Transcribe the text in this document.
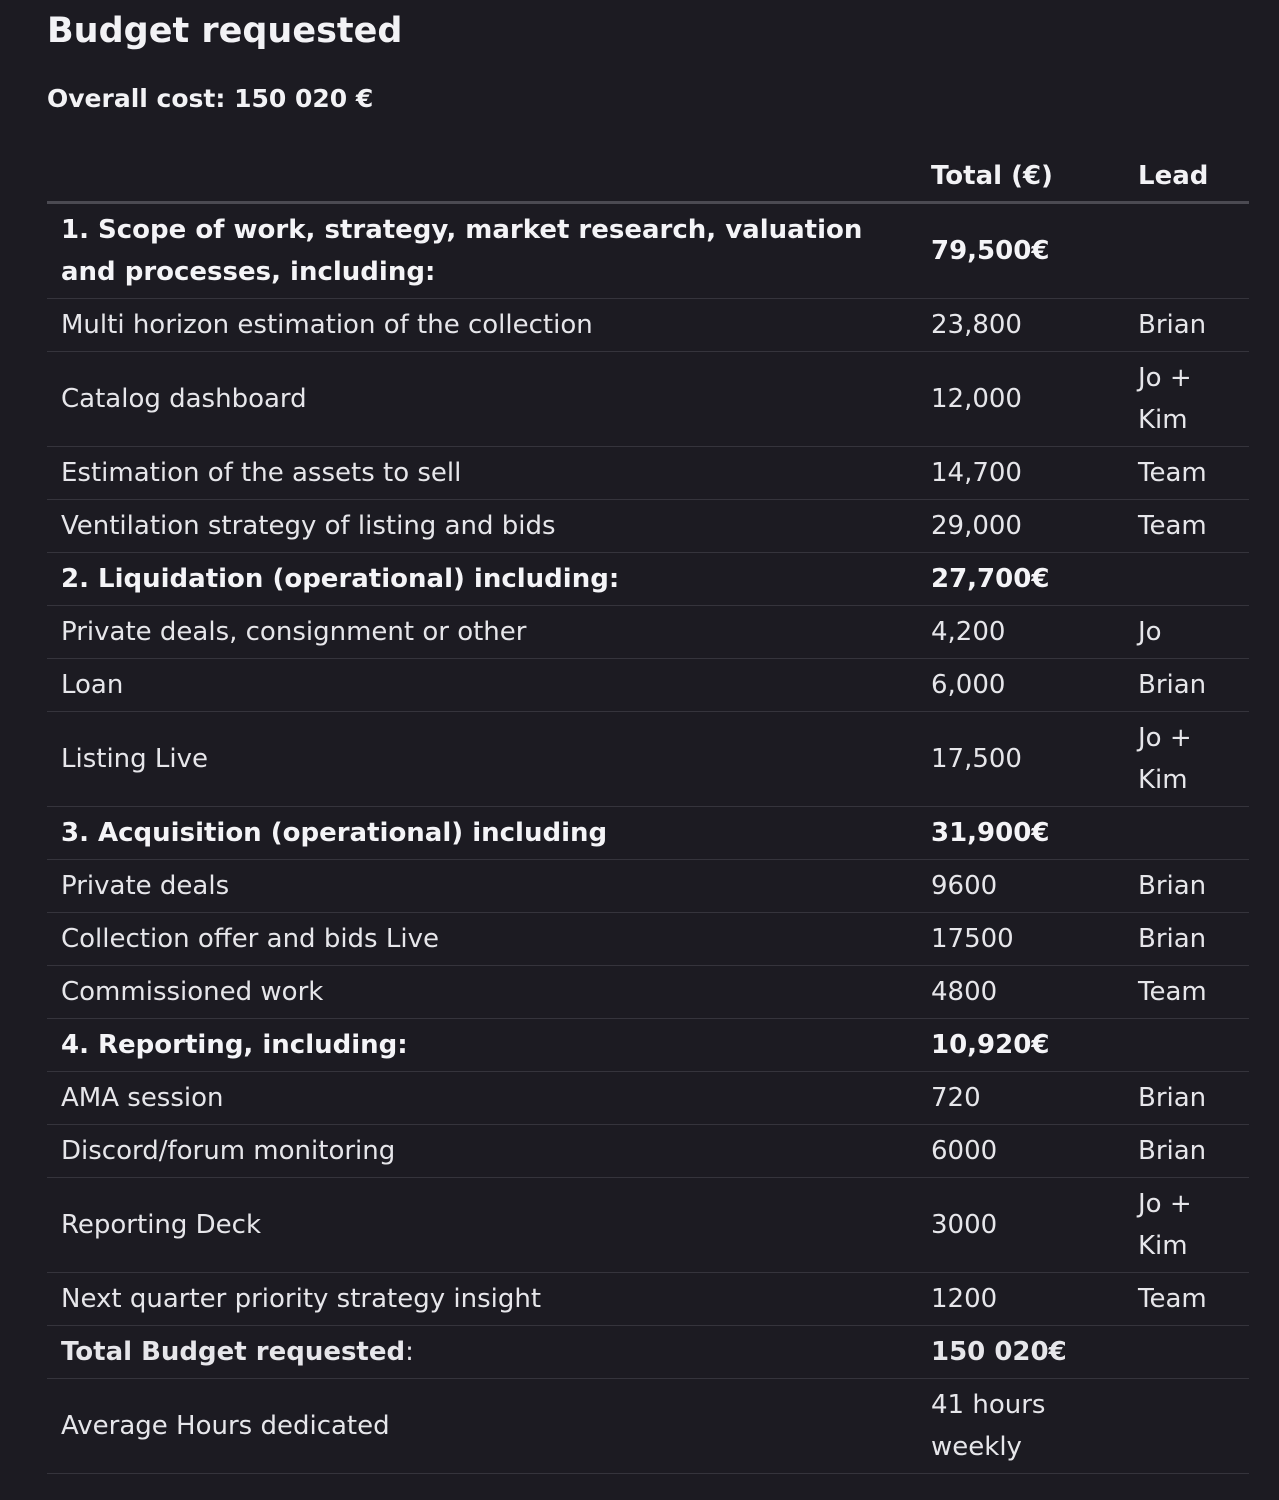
Budget requested

Overall cost: 150 020 €

	Total (€)	Lead
1. Scope of work, strategy, market research, valuation and processes, including:	79,500€	
Multi horizon estimation of the collection	23,800	Brian
Catalog dashboard	12,000	Jo + Kim
Estimation of the assets to sell	14,700	Team
Ventilation strategy of listing and bids	29,000	Team
2. Liquidation (operational) including:	27,700€	
Private deals, consignment or other	4,200	Jo
Loan	6,000	Brian
Listing Live	17,500	Jo + Kim
3. Acquisition (operational) including	31,900€	
Private deals	9600	Brian
Collection offer and bids Live	17500	Brian
Commissioned work	4800	Team
4. Reporting, including:	10,920€	
AMA session	720	Brian
Discord/forum monitoring	6000	Brian
Reporting Deck	3000	Jo + Kim
Next quarter priority strategy insight	1200	Team
Total Budget requested:	150 020€	
Average Hours dedicated	41 hours weekly	
